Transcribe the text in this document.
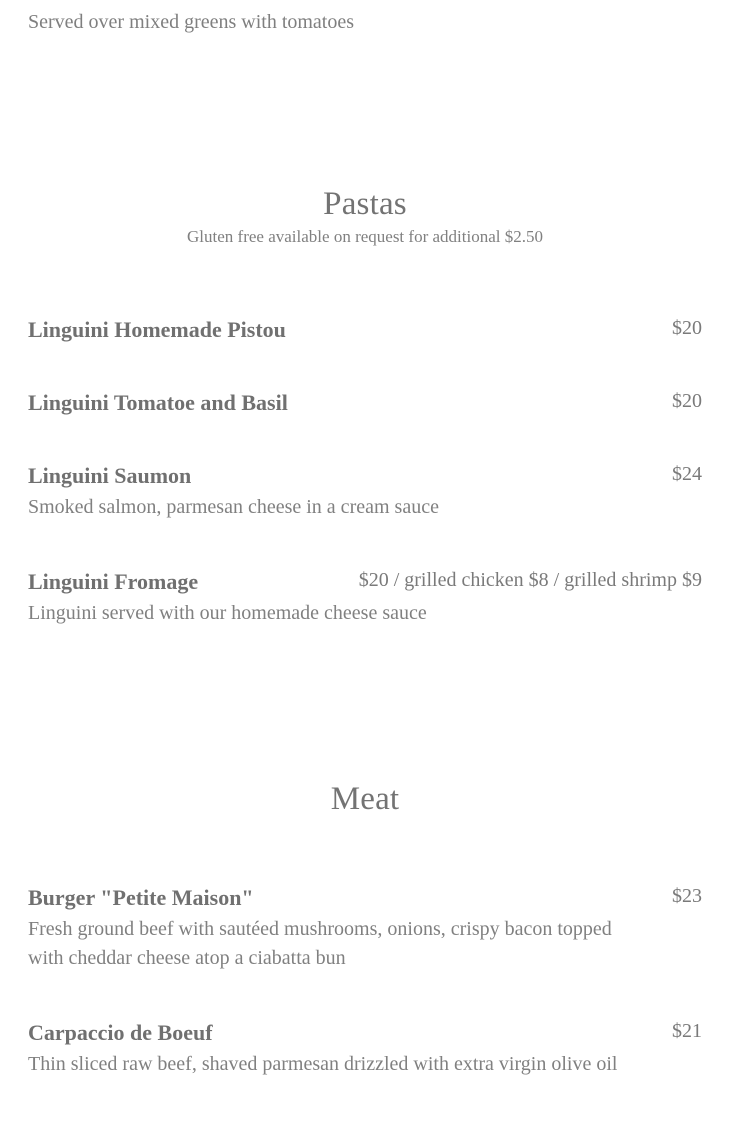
Served over mixed greens with tomatoes
Pastas
Gluten free available on request for additional $2.50
Linguini Homemade Pistou	$20
Linguini Tomatoe and Basil	$20
Linguini Saumon	$24
Smoked salmon, parmesan cheese in a cream sauce
Linguini Fromage	$20 / grilled chicken $8 / grilled shrimp $9
Linguini served with our homemade cheese sauce
Meat
Burger "Petite Maison"	$23
Fresh ground beef with sautéed mushrooms, onions, crispy bacon topped with cheddar cheese atop a ciabatta bun
Carpaccio de Boeuf	$21
Thin sliced raw beef, shaved parmesan drizzled with extra virgin olive oil
